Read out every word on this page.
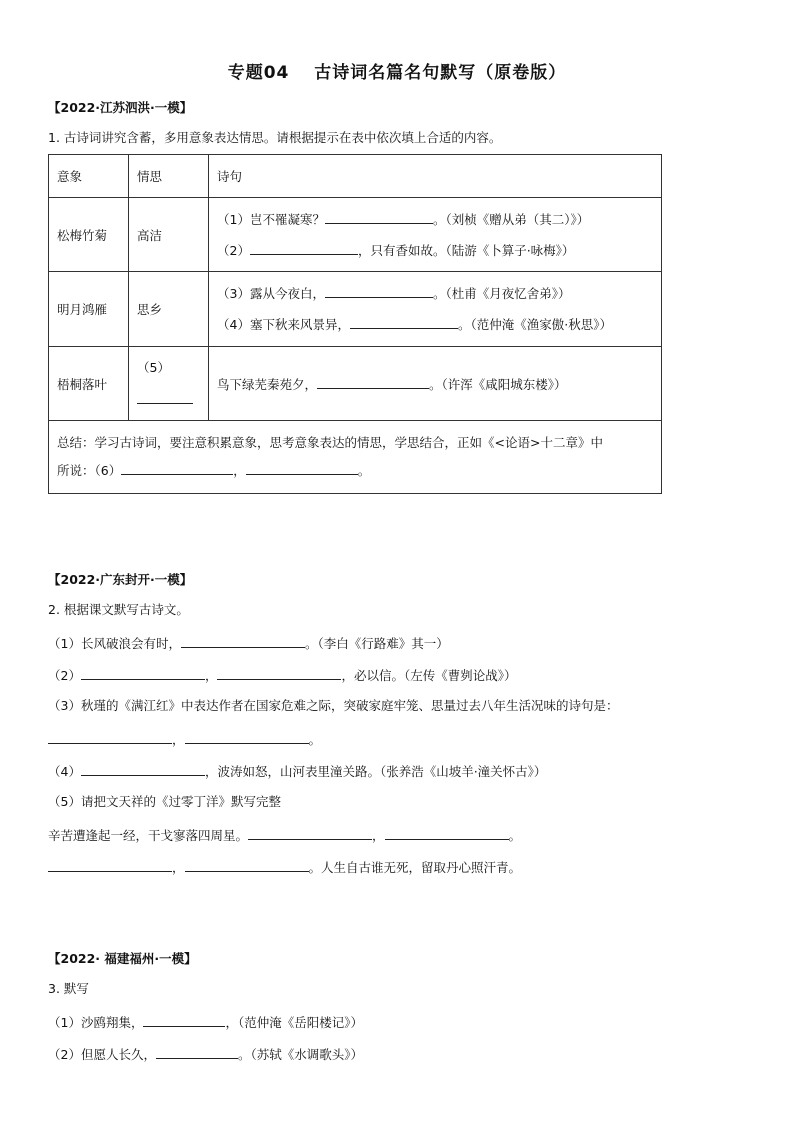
专题04　 古诗词名篇名句默写（原卷版）
【2022·江苏泗洪·一模】
1. 古诗词讲究含蓄，多用意象表达情思。请根据提示在表中依次填上合适的内容。
意象	情思	诗句
松梅竹菊	高洁	（1）岂不罹凝寒？ 。（刘桢《赠从弟（其二）》）
（2） ，只有香如故。（陆游《卜算子·咏梅》）

明月鸿雁	思乡	（3）露从今夜白， 。（杜甫《月夜忆舍弟》）
（4）塞下秋来风景异， 。（范仲淹《渔家傲·秋思》）

梧桐落叶	（5）	鸟下绿芜秦苑夕， 。（许浑《咸阳城东楼》）

总结：学习古诗词，要注意积累意象，思考意象表达的情思，学思结合，正如《<论语>十二章》中
所说：（6） ， 。		
【2022·广东封开·一模】
2. 根据课文默写古诗文。
（1）长风破浪会有时，	。（李白《行路难》其一）
（2）	，	，必以信。（左传《曹刿论战》）
（3）秋瑾的《满江红》中表达作者在国家危难之际，突破家庭牢笼、思量过去八年生活况味的诗句是：
，	。
（4）	，波涛如怒，山河表里潼关路。（张养浩《山坡羊·潼关怀古》）
（5）请把文天祥的《过零丁洋》默写完整
辛苦遭逢起一经，干戈寥落四周星。	，	。
，	。人生自古谁无死，留取丹心照汗青。
【2022· 福建福州·一模】
3. 默写
（1）沙鸥翔集，	，（范仲淹《岳阳楼记》）
（2）但愿人长久，	。（苏轼《水调歌头》）
